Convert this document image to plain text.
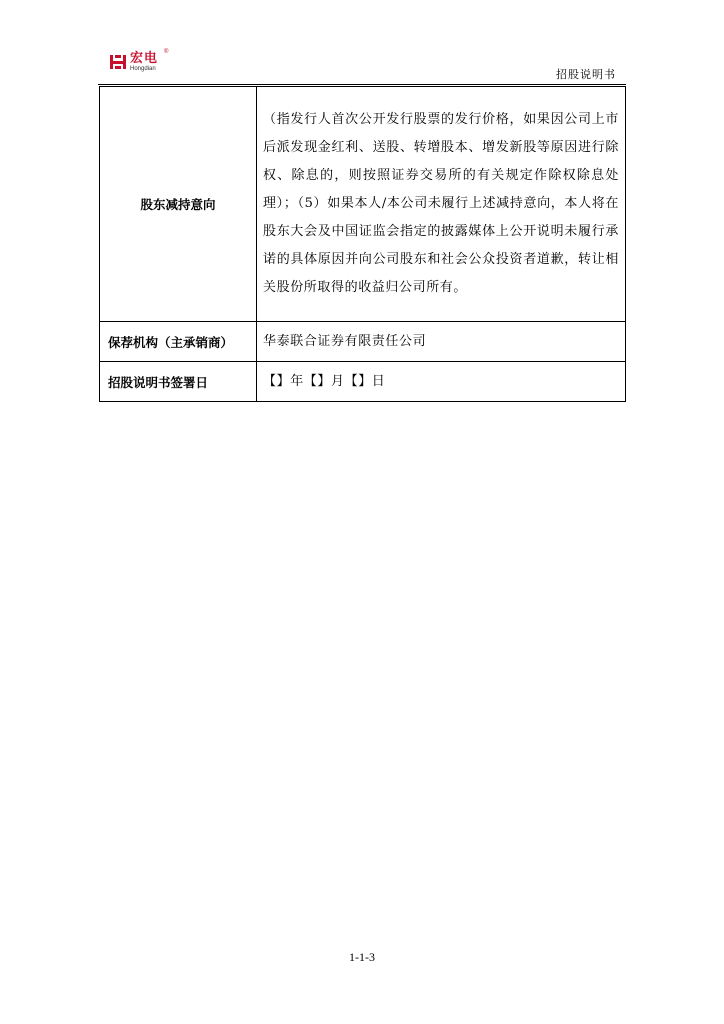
宏电
Hongdian
®
招股说明书
股东减持意向	（指发行人首次公开发行股票的发行价格，如果因公司上市后派发现金红利、送股、转增股本、增发新股等原因进行除权、除息的，则按照证券交易所的有关规定作除权除息处理）；（5）如果本人/本公司未履行上述减持意向，本人将在股东大会及中国证监会指定的披露媒体上公开说明未履行承诺的具体原因并向公司股东和社会公众投资者道歉，转让相关股份所取得的收益归公司所有。
保荐机构（主承销商）	华泰联合证券有限责任公司
招股说明书签署日	【】年【】月【】日
1-1-3
